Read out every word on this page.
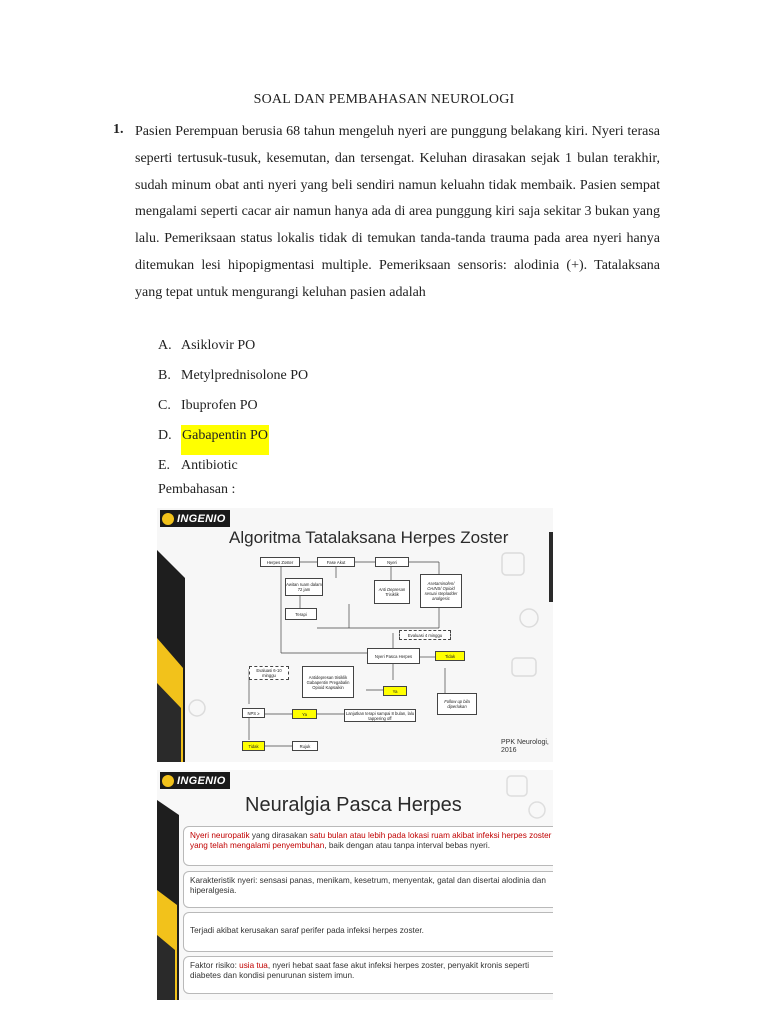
SOAL DAN PEMBAHASAN NEUROLOGI
1. Pasien Perempuan berusia 68 tahun mengeluh nyeri are punggung belakang kiri. Nyeri terasa seperti tertusuk-tusuk, kesemutan, dan tersengat. Keluhan dirasakan sejak 1 bulan terakhir, sudah minum obat anti nyeri yang beli sendiri namun keluahn tidak membaik. Pasien sempat mengalami seperti cacar air namun hanya ada di area punggung kiri saja sekitar 3 bukan yang lalu. Pemeriksaan status lokalis tidak di temukan tanda-tanda trauma pada area nyeri hanya ditemukan lesi hipopigmentasi multiple. Pemeriksaan sensoris: alodinia (+). Tatalaksana yang tepat untuk mengurangi keluhan pasien adalah
A. Asiklovir PO
B. Metylprednisolone PO
C. Ibuprofen PO
D. Gabapentin PO
E. Antibiotic
Pembahasan :
INGENIO
Algoritma Tatalaksana Herpes Zoster
Herpes Zoster	Fase Akut	Nyeri
Awitan ruam dalam 72 jam	Anti Depresan Trisiklik
Asetaminofen/ OAINS/ Opioid sesuai stepladder analgesic
Terapi
Evaluasi 4 minggu
Nyeri Pasca Herpes	Tidak
Evaluasi 6-10 minggu	Antidepresan trisiklik Gabapentin Pregabalin Opioid Kapsaikin
Ya
Follow up bila diperlukan
NPS ≥	Ya	Lanjutkan terapi sampai 8 bulan, lalu tappering off
Tidak	Rujuk	PPK Neurologi, 2016
INGENIO
Neuralgia Pasca Herpes
Nyeri neuropatik yang dirasakan satu bulan atau lebih pada lokasi ruam akibat infeksi herpes zoster yang telah mengalami penyembuhan, baik dengan atau tanpa interval bebas nyeri.
Karakteristik nyeri: sensasi panas, menikam, kesetrum, menyentak, gatal dan disertai alodinia dan hiperalgesia.
Terjadi akibat kerusakan saraf perifer pada infeksi herpes zoster.
Faktor risiko: usia tua, nyeri hebat saat fase akut infeksi herpes zoster, penyakit kronis seperti diabetes dan kondisi penurunan sistem imun.
